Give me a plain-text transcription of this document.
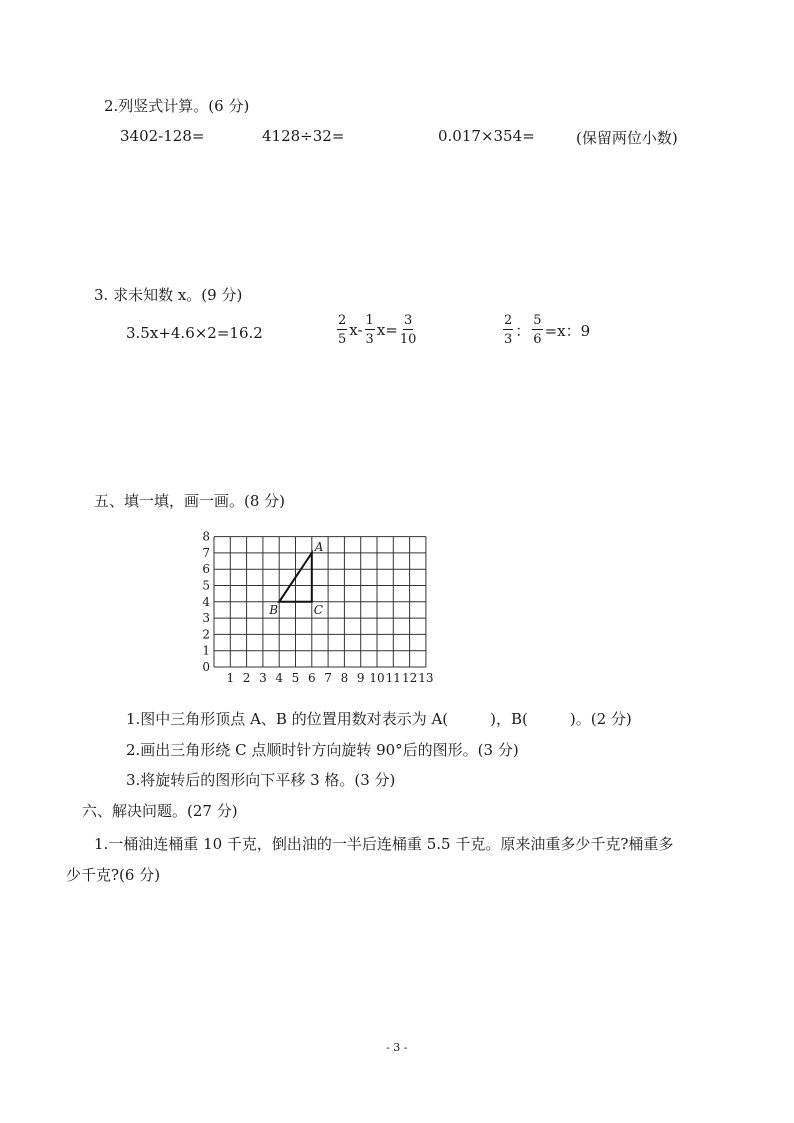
2.列竖式计算。(6 分)
3402-128=	4128÷32=	0.017×354=	(保留两位小数)
3. 求未知数 x。(9 分)
3.5x+4.6×2=16.2	$\frac{2}{5} x- \frac{1}{3} x= \frac{3}{10}$	$\frac{2}{3}$ ： $\frac{5}{6} =x$：9
五、填一填，画一画。(8 分)
1 2 3 4 5 6 7 8 9 10 11 12 13
0
1
2
3
4
5
6
7
8
A
B	C
1.图中三角形顶点 A、B 的位置用数对表示为 A(	)，B(	)。(2 分)
2.画出三角形绕 C 点顺时针方向旋转 90°后的图形。(3 分)
3.将旋转后的图形向下平移 3 格。(3 分)
六、解决问题。(27 分)
1.一桶油连桶重 10 千克，倒出油的一半后连桶重 5.5 千克。原来油重多少千克?桶重多
少千克?(6 分)
- 3 -
